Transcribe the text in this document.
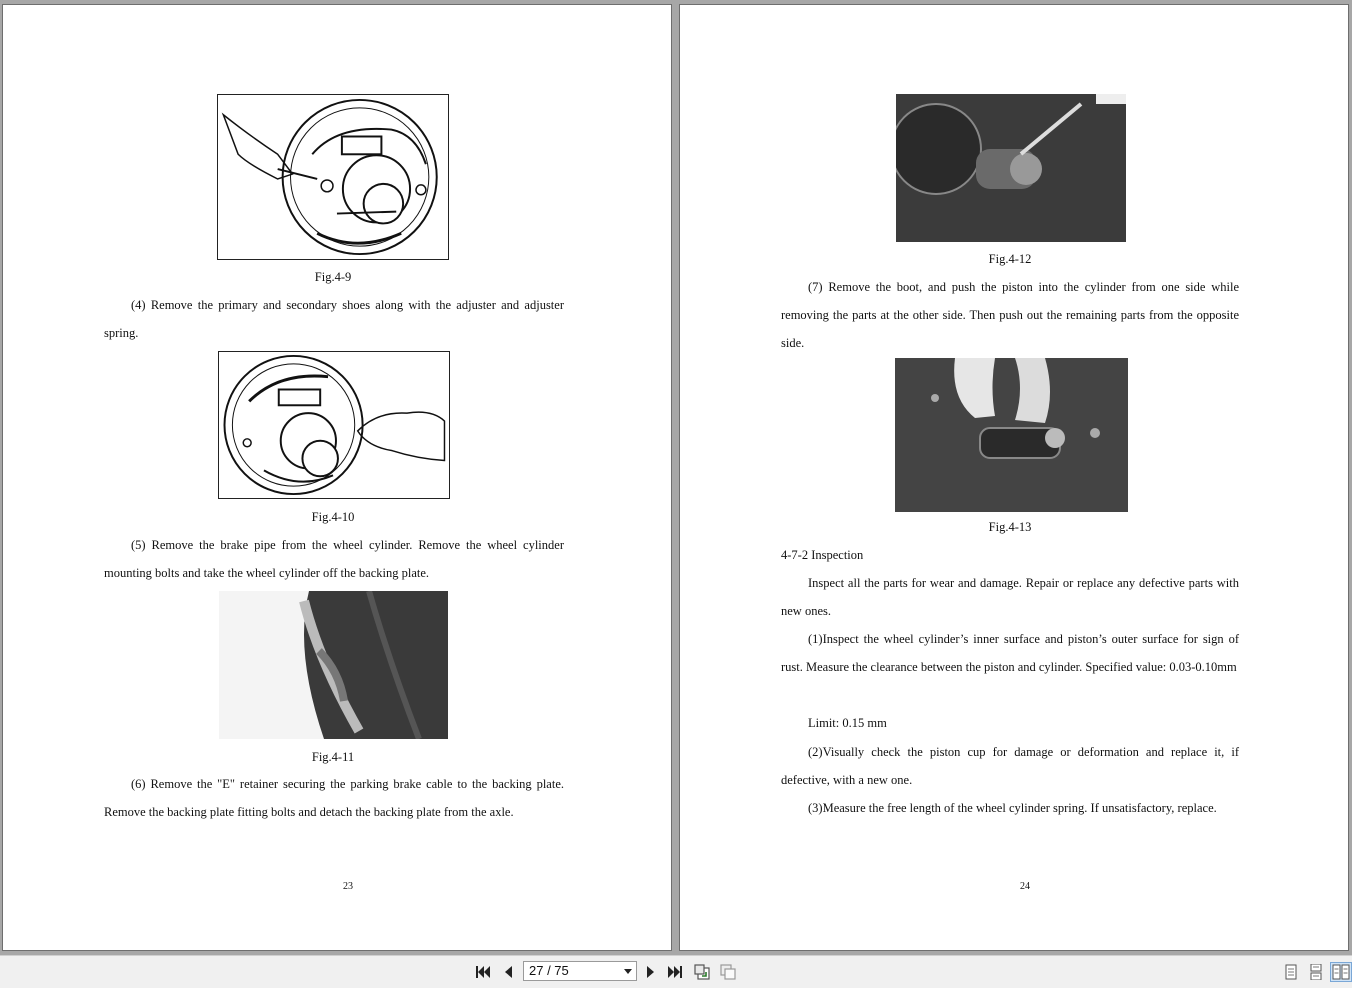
Fig.4-9

(4) Remove the primary and secondary shoes along with the adjuster and adjuster spring.

Fig.4-10

(5) Remove the brake pipe from the wheel cylinder. Remove the wheel cylinder mounting bolts and take the wheel cylinder off the backing plate.

Fig.4-11

(6) Remove the "E" retainer securing the parking brake cable to the backing plate. Remove the backing plate fitting bolts and detach the backing plate from the axle.

23
Fig.4-12

(7) Remove the boot, and push the piston into the cylinder from one side while removing the parts at the other side. Then push out the remaining parts from the opposite side.

Fig.4-13
4-7-2 Inspection

Inspect all the parts for wear and damage. Repair or replace any defective parts with new ones.

(1)Inspect the wheel cylinder’s inner surface and piston’s outer surface for sign of rust. Measure the clearance between the piston and cylinder. Specified value: 0.03-0.10mm

Limit: 0.15 mm

(2)Visually check the piston cup for damage or deformation and replace it, if defective, with a new one.

(3)Measure the free length of the wheel cylinder spring. If unsatisfactory, replace.

24
27 / 75
